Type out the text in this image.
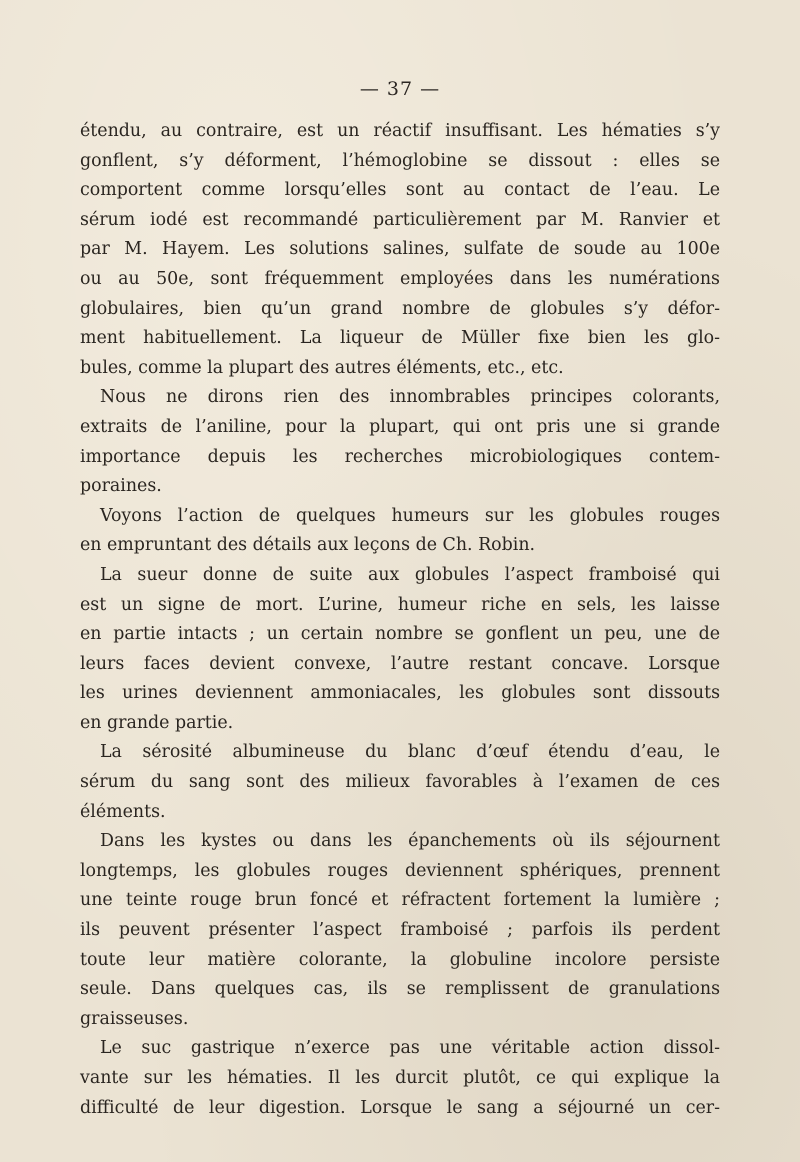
— 37 —
étendu, au contraire, est un réactif insuffisant. Les hématies s’y
gonflent, s’y déforment, l’hémoglobine se dissout : elles se
comportent comme lorsqu’elles sont au contact de l’eau. Le
sérum iodé est recommandé particulièrement par M. Ranvier et
par M. Hayem. Les solutions salines, sulfate de soude au 100e
ou au 50e, sont fréquemment employées dans les numérations
globulaires, bien qu’un grand nombre de globules s’y défor-
ment habituellement. La liqueur de Müller fixe bien les glo-
bules, comme la plupart des autres éléments, etc., etc.
Nous ne dirons rien des innombrables principes colorants,
extraits de l’aniline, pour la plupart, qui ont pris une si grande
importance depuis les recherches microbiologiques contem-
poraines.
Voyons l’action de quelques humeurs sur les globules rouges
en empruntant des détails aux leçons de Ch. Robin.
La sueur donne de suite aux globules l’aspect framboisé qui
est un signe de mort. L’urine, humeur riche en sels, les laisse
en partie intacts ; un certain nombre se gonflent un peu, une de
leurs faces devient convexe, l’autre restant concave. Lorsque
les urines deviennent ammoniacales, les globules sont dissouts
en grande partie.
La sérosité albumineuse du blanc d’œuf étendu d’eau, le
sérum du sang sont des milieux favorables à l’examen de ces
éléments.
Dans les kystes ou dans les épanchements où ils séjournent
longtemps, les globules rouges deviennent sphériques, prennent
une teinte rouge brun foncé et réfractent fortement la lumière ;
ils peuvent présenter l’aspect framboisé ; parfois ils perdent
toute leur matière colorante, la globuline incolore persiste
seule. Dans quelques cas, ils se remplissent de granulations
graisseuses.
Le suc gastrique n’exerce pas une véritable action dissol-
vante sur les hématies. Il les durcit plutôt, ce qui explique la
difficulté de leur digestion. Lorsque le sang a séjourné un cer-
